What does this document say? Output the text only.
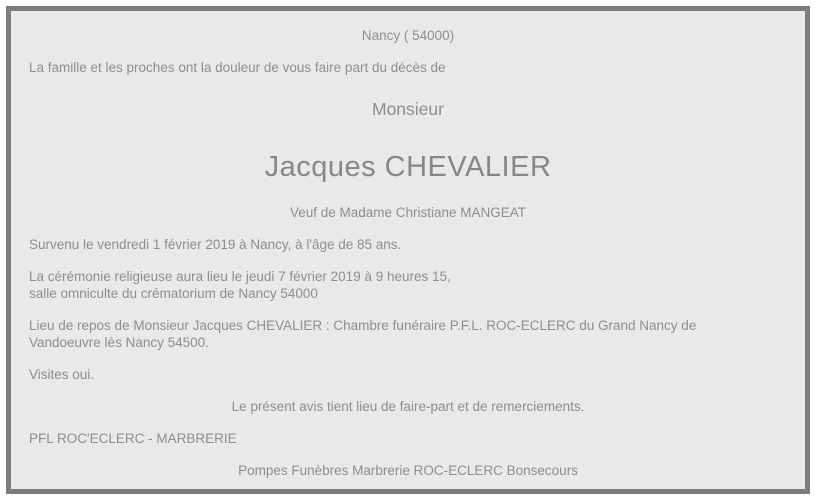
Nancy ( 54000)

La famille et les proches ont la douleur de vous faire part du décès de

Monsieur

Jacques CHEVALIER

Veuf de Madame Christiane MANGEAT

Survenu le vendredi 1 février 2019 à Nancy, à l'âge de 85 ans.

La cérémonie religieuse aura lieu le jeudi 7 février 2019 à 9 heures 15,
salle omniculte du crématorium de Nancy 54000

Lieu de repos de Monsieur Jacques CHEVALIER : Chambre funéraire P.F.L. ROC-ECLERC du Grand Nancy de
Vandoeuvre lès Nancy 54500.

Visites oui.

Le présent avis tient lieu de faire-part et de remerciements.

PFL ROC'ECLERC - MARBRERIE

Pompes Funèbres Marbrerie ROC-ECLERC Bonsecours
